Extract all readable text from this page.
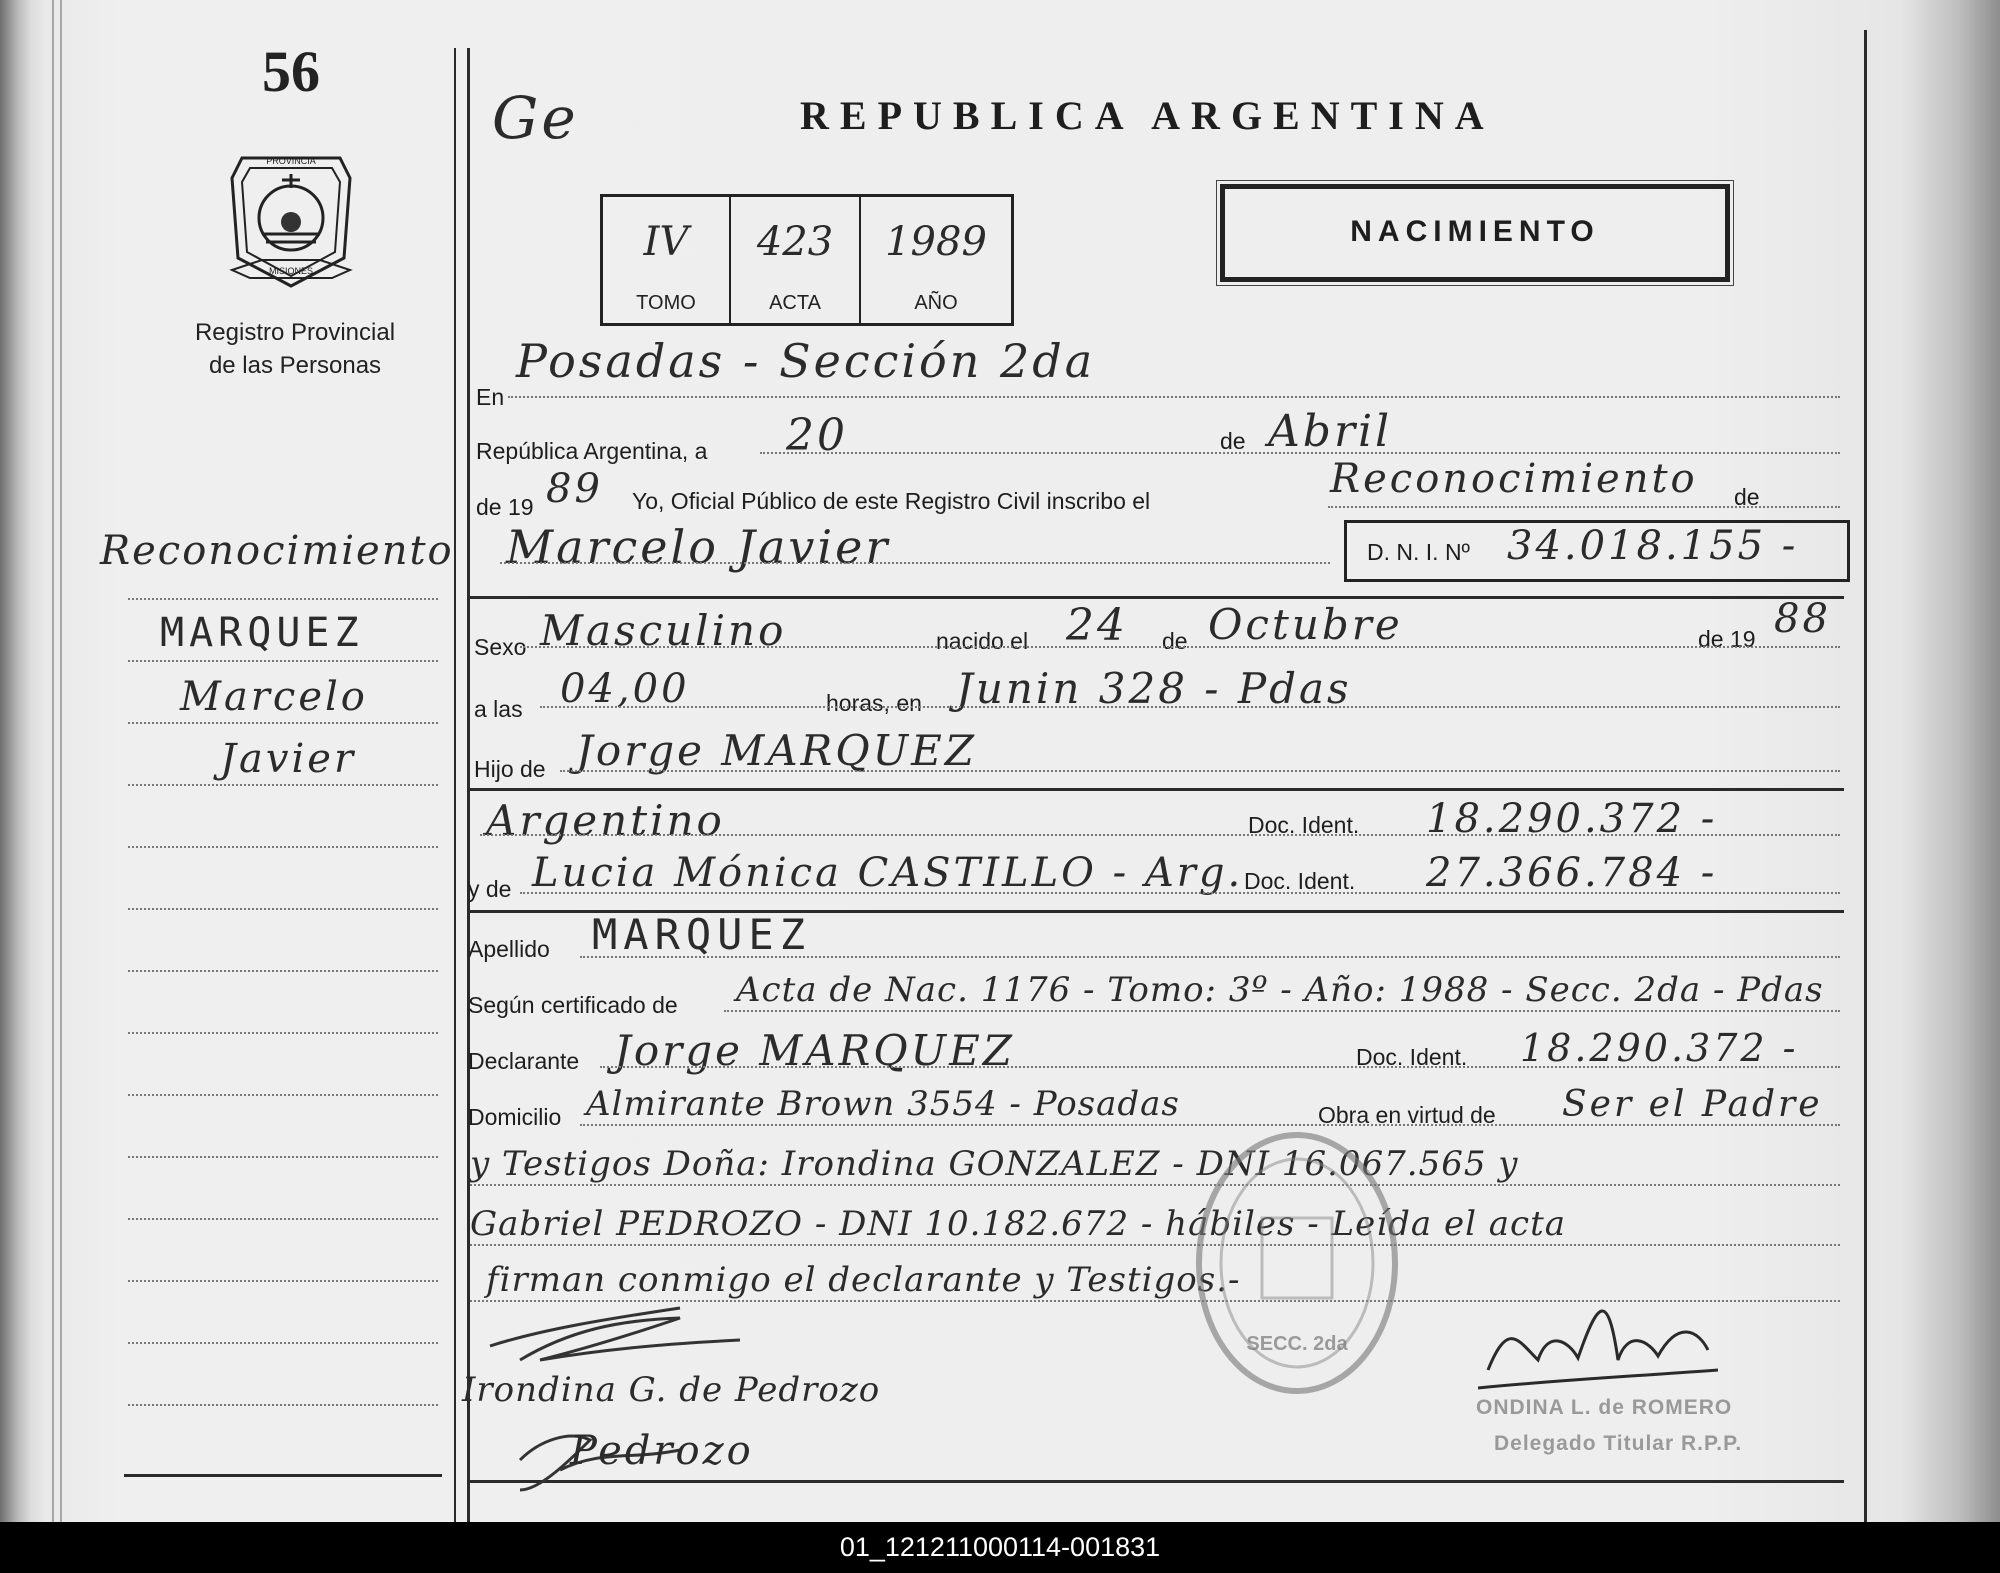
56
PROVINCIA
MISIONES
Registro Provincial
de las Personas
Reconocimiento
MARQUEZ
Marcelo
Javier
Ge	REPUBLICA ARGENTINA
IV
TOMO
423
ACTA
1989
AÑO
NACIMIENTO
En
Posadas - Sección 2da
República Argentina, a 20	de Abril
de 19 89 Yo, Oficial Público de este Registro Civil inscribo el	Reconocimiento de
Marcelo Javier	D. N. I. Nº 34.018.155 -
Sexo Masculino	nacido el 24 de Octubre	de 19 88
a las 04,00	horas, en Junin 328 - Pdas
Hijo de Jorge MARQUEZ
Argentino	Doc. Ident. 18.290.372 -
y de Lucia Mónica CASTILLO - Arg. Doc. Ident. 27.366.784 -
Apellido MARQUEZ
Según certificado de Acta de Nac. 1176 - Tomo: 3º - Año: 1988 - Secc. 2da - Pdas
Declarante Jorge MARQUEZ	Doc. Ident. 18.290.372 -
Domicilio Almirante Brown 3554 - Posadas	Obra en virtud de Ser el Padre
y Testigos Doña: Irondina GONZALEZ - DNI 16.067.565 y
Gabriel PEDROZO - DNI 10.182.672 - hábiles - Leída el acta
firman conmigo el declarante y Testigos.-
SECC. 2da
Irondina G. de Pedrozo
Pedrozo
ONDINA L. de ROMERO
Delegado Titular R.P.P.
01_121211000114-001831
